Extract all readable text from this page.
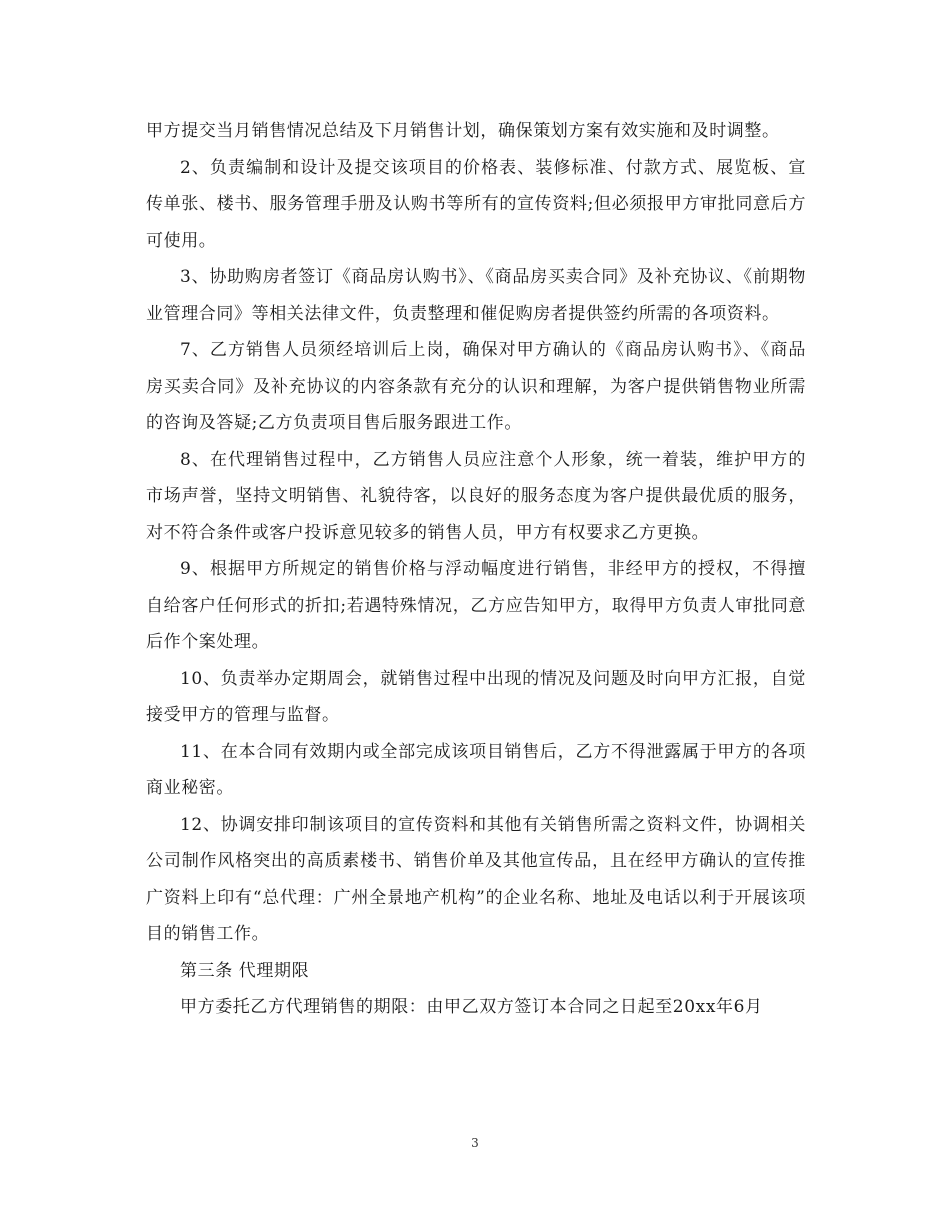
甲方提交当月销售情况总结及下月销售计划，确保策划方案有效实施和及时调整。

2、负责编制和设计及提交该项目的价格表、装修标准、付款方式、展览板、宣传单张、楼书、服务管理手册及认购书等所有的宣传资料;但必须报甲方审批同意后方可使用。

3、协助购房者签订《商品房认购书》、《商品房买卖合同》及补充协议、《前期物业管理合同》等相关法律文件，负责整理和催促购房者提供签约所需的各项资料。

7、乙方销售人员须经培训后上岗，确保对甲方确认的《商品房认购书》、《商品房买卖合同》及补充协议的内容条款有充分的认识和理解，为客户提供销售物业所需的咨询及答疑;乙方负责项目售后服务跟进工作。

8、在代理销售过程中，乙方销售人员应注意个人形象，统一着装，维护甲方的市场声誉，坚持文明销售、礼貌待客，以良好的服务态度为客户提供最优质的服务，对不符合条件或客户投诉意见较多的销售人员，甲方有权要求乙方更换。

9、根据甲方所规定的销售价格与浮动幅度进行销售，非经甲方的授权，不得擅自给客户任何形式的折扣;若遇特殊情况，乙方应告知甲方，取得甲方负责人审批同意后作个案处理。

10、负责举办定期周会，就销售过程中出现的情况及问题及时向甲方汇报，自觉接受甲方的管理与监督。

11、在本合同有效期内或全部完成该项目销售后，乙方不得泄露属于甲方的各项商业秘密。

12、协调安排印制该项目的宣传资料和其他有关销售所需之资料文件，协调相关公司制作风格突出的高质素楼书、销售价单及其他宣传品，且在经甲方确认的宣传推广资料上印有“总代理：广州全景地产机构”的企业名称、地址及电话以利于开展该项目的销售工作。

第三条 代理期限

甲方委托乙方代理销售的期限：由甲乙双方签订本合同之日起至20xx年6月

3
